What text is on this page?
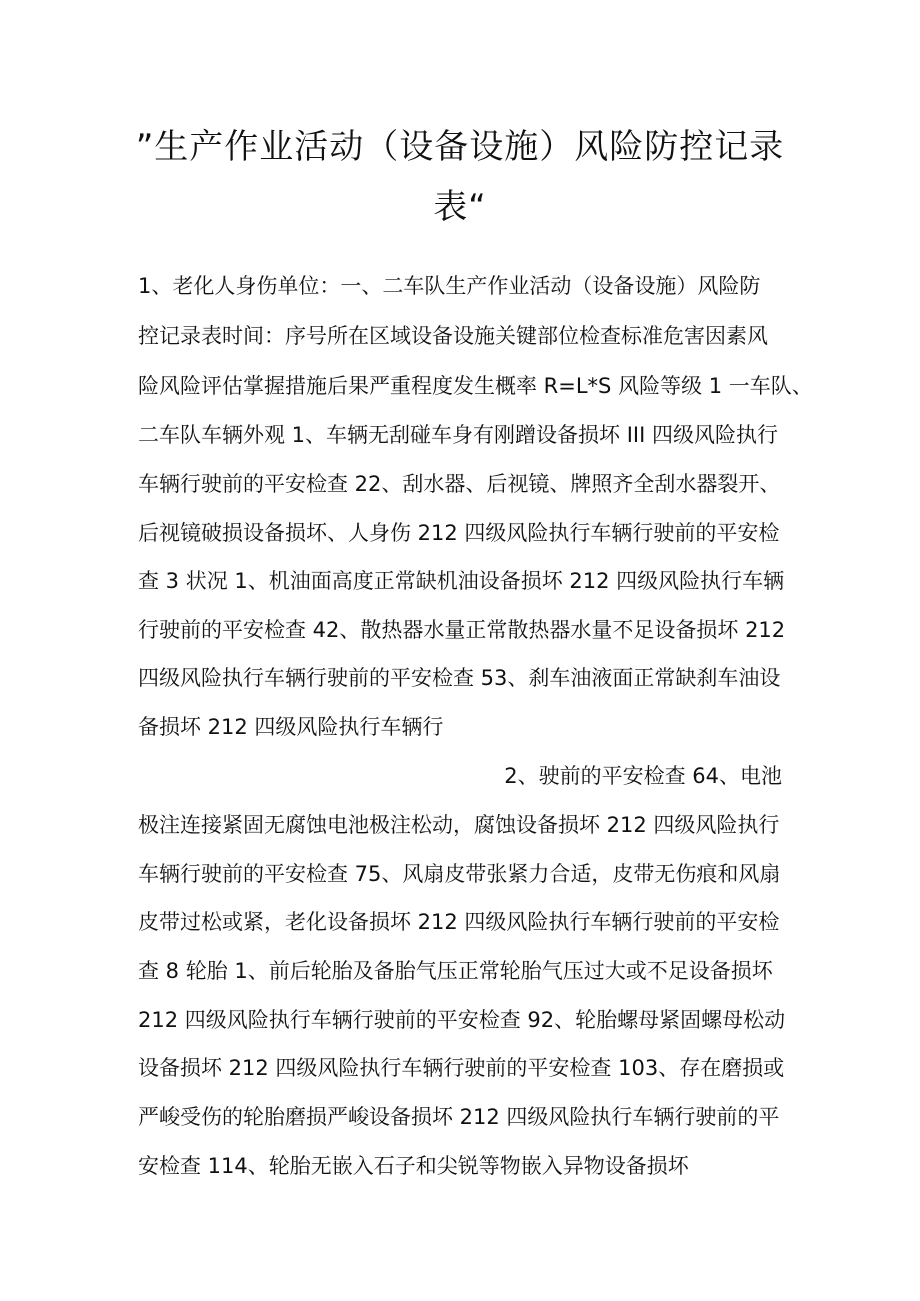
”生产作业活动（设备设施）风险防控记录
表“
1、老化人身伤单位：一、二车队生产作业活动（设备设施）风险防
控记录表时间：序号所在区域设备设施关键部位检查标准危害因素风
险风险评估掌握措施后果严重程度发生概率 R=L*S 风险等级 1 一车队、
二车队车辆外观 1、车辆无刮碰车身有刚蹭设备损坏 III 四级风险执行
车辆行驶前的平安检查 22、刮水器、后视镜、牌照齐全刮水器裂开、
后视镜破损设备损坏、人身伤 212 四级风险执行车辆行驶前的平安检
查 3 状况 1、机油面高度正常缺机油设备损坏 212 四级风险执行车辆
行驶前的平安检查 42、散热器水量正常散热器水量不足设备损坏 212
四级风险执行车辆行驶前的平安检查 53、刹车油液面正常缺刹车油设
备损坏 212 四级风险执行车辆行
2、驶前的平安检查 64、电池
极注连接紧固无腐蚀电池极注松动，腐蚀设备损坏 212 四级风险执行
车辆行驶前的平安检查 75、风扇皮带张紧力合适，皮带无伤痕和风扇
皮带过松或紧，老化设备损坏 212 四级风险执行车辆行驶前的平安检
查 8 轮胎 1、前后轮胎及备胎气压正常轮胎气压过大或不足设备损坏
212 四级风险执行车辆行驶前的平安检查 92、轮胎螺母紧固螺母松动
设备损坏 212 四级风险执行车辆行驶前的平安检查 103、存在磨损或
严峻受伤的轮胎磨损严峻设备损坏 212 四级风险执行车辆行驶前的平
安检查 114、轮胎无嵌入石子和尖锐等物嵌入异物设备损坏
